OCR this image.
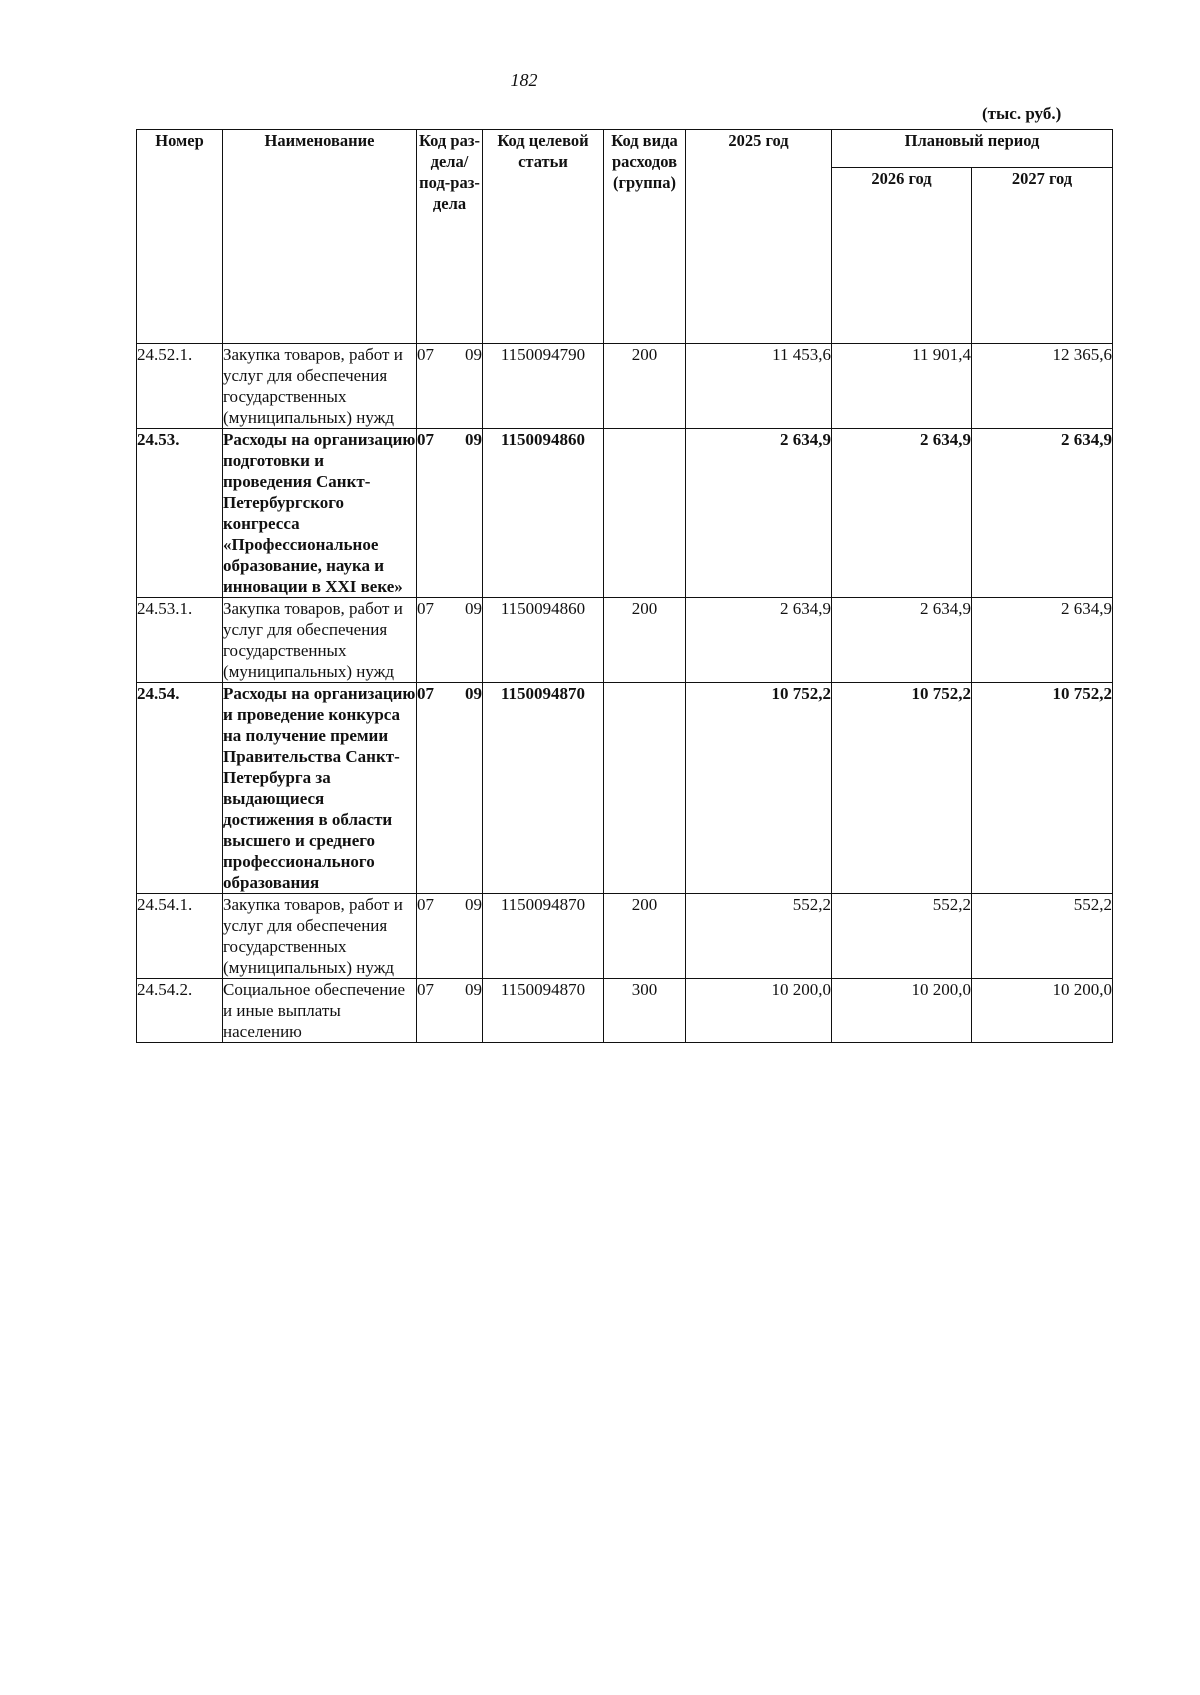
182
(тыс. руб.)
Номер	Наименование	Код раз-дела/ под-раз-дела	Код целевой статьи	Код вида расходов (группа)	2025 год	Плановый период	
						2026 год	2027 год
24.52.1.	Закупка товаров, работ и услуг для обеспечения государственных (муниципальных) нужд	07 09	1150094790	200	11 453,6	11 901,4	12 365,6
24.53.	Расходы на организацию подготовки и проведения Санкт-Петербургского конгресса «Профессиональное образование, наука и инновации в XXI веке»	07 09	1150094860		2 634,9	2 634,9	2 634,9
24.53.1.	Закупка товаров, работ и услуг для обеспечения государственных (муниципальных) нужд	07 09	1150094860	200	2 634,9	2 634,9	2 634,9
24.54.	Расходы на организацию и проведение конкурса на получение премии Правительства Санкт-Петербурга за выдающиеся достижения в области высшего и среднего профессионального образования	07 09	1150094870		10 752,2	10 752,2	10 752,2
24.54.1.	Закупка товаров, работ и услуг для обеспечения государственных (муниципальных) нужд	07 09	1150094870	200	552,2	552,2	552,2
24.54.2.	Социальное обеспечение и иные выплаты населению	07 09	1150094870	300	10 200,0	10 200,0	10 200,0
